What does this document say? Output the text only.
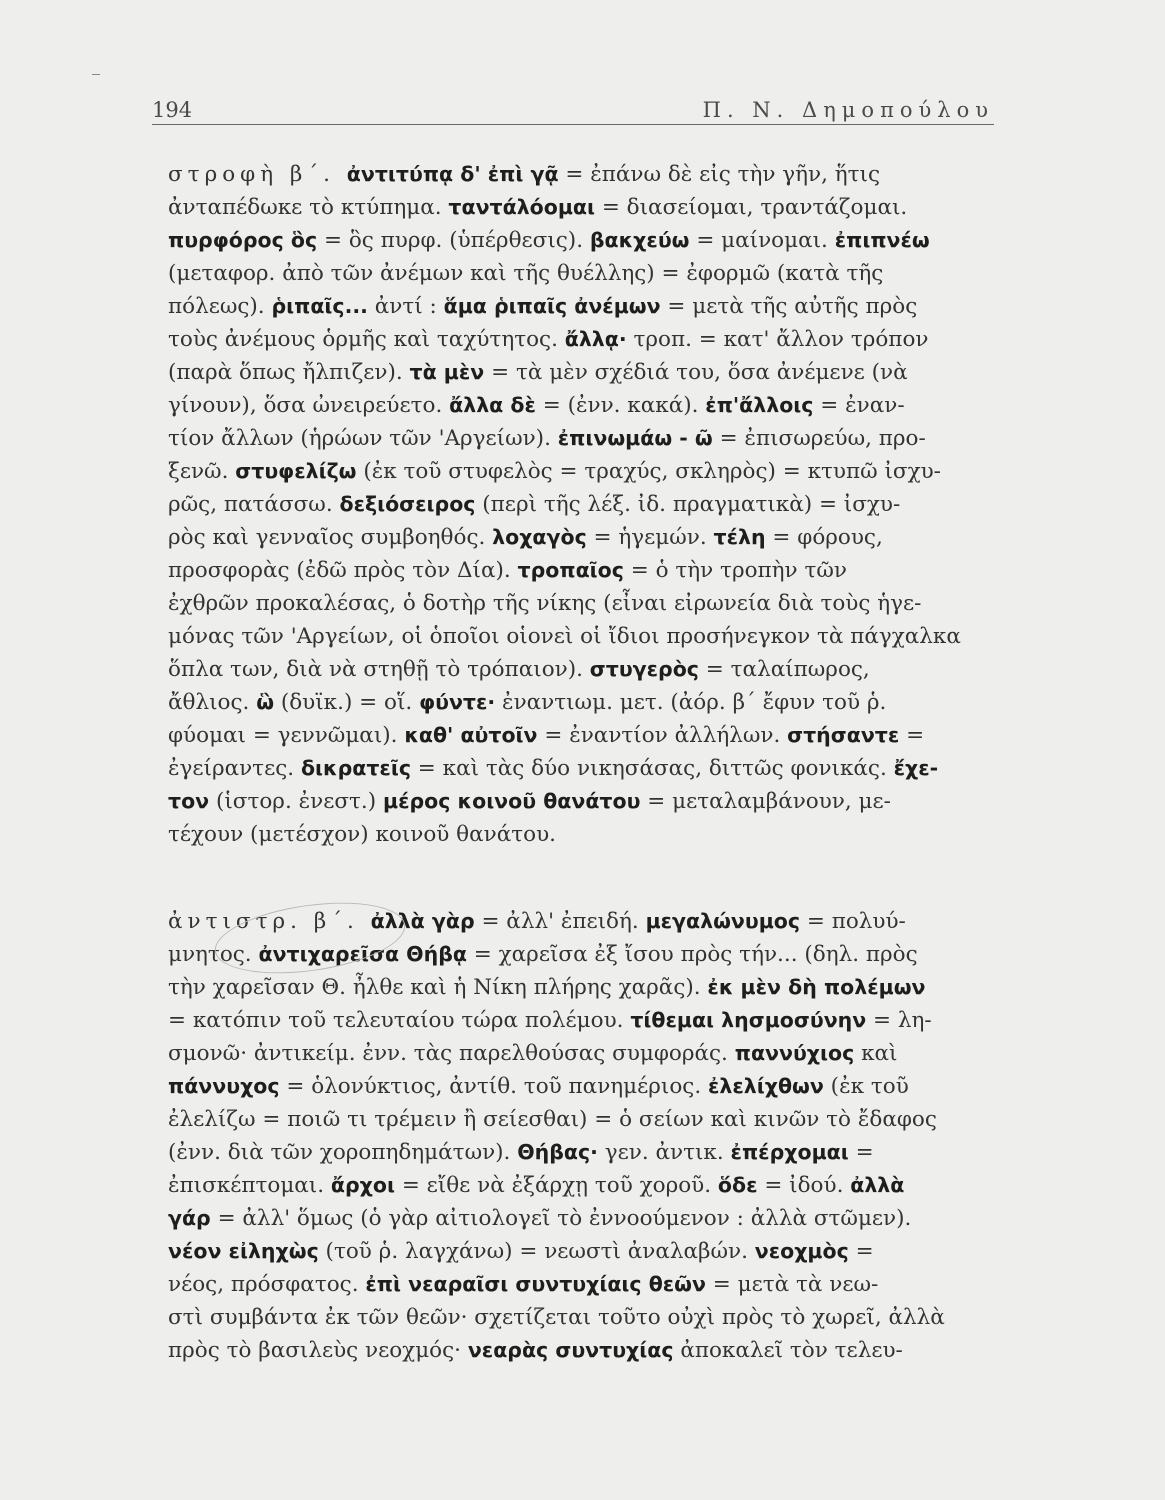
194	Π. Ν. Δημοπούλου
στροφὴ β΄. ἀντιτύπᾳ δ' ἐπὶ γᾷ = ἐπάνω δὲ εἰς τὴν γῆν, ἥτις
ἀνταπέδωκε τὸ κτύπημα. ταντάλόομαι = διασείομαι, τραντάζομαι.
πυρφόρος ὃς = ὃς πυρφ. (ὑπέρθεσις). βακχεύω = μαίνομαι. ἐπιπνέω
(μεταφορ. ἀπὸ τῶν ἀνέμων καὶ τῆς θυέλλης) = ἐφορμῶ (κατὰ τῆς
πόλεως). ῥιπαῖς... ἀντί : ἅμα ῥιπαῖς ἀνέμων = μετὰ τῆς αὐτῆς πρὸς
τοὺς ἀνέμους ὁρμῆς καὶ ταχύτητος. ἄλλᾳ· τροπ. = κατ' ἄλλον τρόπον
(παρὰ ὅπως ἤλπιζεν). τὰ μὲν = τὰ μὲν σχέδιά του, ὅσα ἀνέμενε (νὰ
γίνουν), ὅσα ὠνειρεύετο. ἄλλα δὲ = (ἐνν. κακά). ἐπ'ἄλλοις = ἐναν-
τίον ἄλλων (ἡρώων τῶν 'Αργείων). ἐπινωμάω - ῶ = ἐπισωρεύω, προ-
ξενῶ. στυφελίζω (ἐκ τοῦ στυφελὸς = τραχύς, σκληρὸς) = κτυπῶ ἰσχυ-
ρῶς, πατάσσω. δεξιόσειρος (περὶ τῆς λέξ. ἰδ. πραγματικὰ) = ἰσχυ-
ρὸς καὶ γενναῖος συμβοηθός. λοχαγὸς = ἡγεμών. τέλη = φόρους,
προσφορὰς (ἐδῶ πρὸς τὸν Δία). τροπαῖος = ὁ τὴν τροπὴν τῶν
ἐχθρῶν προκαλέσας, ὁ δοτὴρ τῆς νίκης (εἶναι εἰρωνεία διὰ τοὺς ἡγε-
μόνας τῶν 'Αργείων, οἱ ὁποῖοι οἱονεὶ οἱ ἴδιοι προσήνεγκον τὰ πάγχαλκα
ὅπλα των, διὰ νὰ στηθῇ τὸ τρόπαιον). στυγερὸς = ταλαίπωρος,
ἄθλιος. ὣ (δυϊκ.) = οἵ. φύντε· ἐναντιωμ. μετ. (ἀόρ. β΄ ἔφυν τοῦ ῥ.
φύομαι = γεννῶμαι). καθ' αὐτοῖν = ἐναντίον ἀλλήλων. στήσαντε =
ἐγείραντες. δικρατεῖς = καὶ τὰς δύο νικησάσας, διττῶς φονικάς. ἔχε-
τον (ἱστορ. ἐνεστ.) μέρος κοινοῦ θανάτου = μεταλαμβάνουν, με-
τέχουν (μετέσχον) κοινοῦ θανάτου.
ἀντιστρ. β΄. ἀλλὰ γὰρ = ἀλλ' ἐπειδή. μεγαλώνυμος = πολυύ-
μνητος. ἀντιχαρεῖσα Θήβᾳ = χαρεῖσα ἐξ ἴσου πρὸς τήν... (δηλ. πρὸς
τὴν χαρεῖσαν Θ. ἦλθε καὶ ἡ Νίκη πλήρης χαρᾶς). ἐκ μὲν δὴ πολέμων
= κατόπιν τοῦ τελευταίου τώρα πολέμου. τίθεμαι λησμοσύνην = λη-
σμονῶ· ἀντικείμ. ἐνν. τὰς παρελθούσας συμφοράς. παννύχιος καὶ
πάννυχος = ὁλονύκτιος, ἀντίθ. τοῦ πανημέριος. ἐλελίχθων (ἐκ τοῦ
ἐλελίζω = ποιῶ τι τρέμειν ἢ σείεσθαι) = ὁ σείων καὶ κινῶν τὸ ἔδαφος
(ἐνν. διὰ τῶν χοροπηδημάτων). Θήβας· γεν. ἀντικ. ἐπέρχομαι =
ἐπισκέπτομαι. ἄρχοι = εἴθε νὰ ἐξάρχῃ τοῦ χοροῦ. ὅδε = ἰδού. ἀλλὰ
γάρ = ἀλλ' ὅμως (ὁ γὰρ αἰτιολογεῖ τὸ ἐννοούμενον : ἀλλὰ στῶμεν).
νέον εἰληχὼς (τοῦ ῥ. λαγχάνω) = νεωστὶ ἀναλαβών. νεοχμὸς =
νέος, πρόσφατος. ἐπὶ νεαραῖσι συντυχίαις θεῶν = μετὰ τὰ νεω-
στὶ συμβάντα ἐκ τῶν θεῶν· σχετίζεται τοῦτο οὐχὶ πρὸς τὸ χωρεῖ, ἀλλὰ
πρὸς τὸ βασιλεὺς νεοχμός· νεαρὰς συντυχίας ἀποκαλεῖ τὸν τελευ-
